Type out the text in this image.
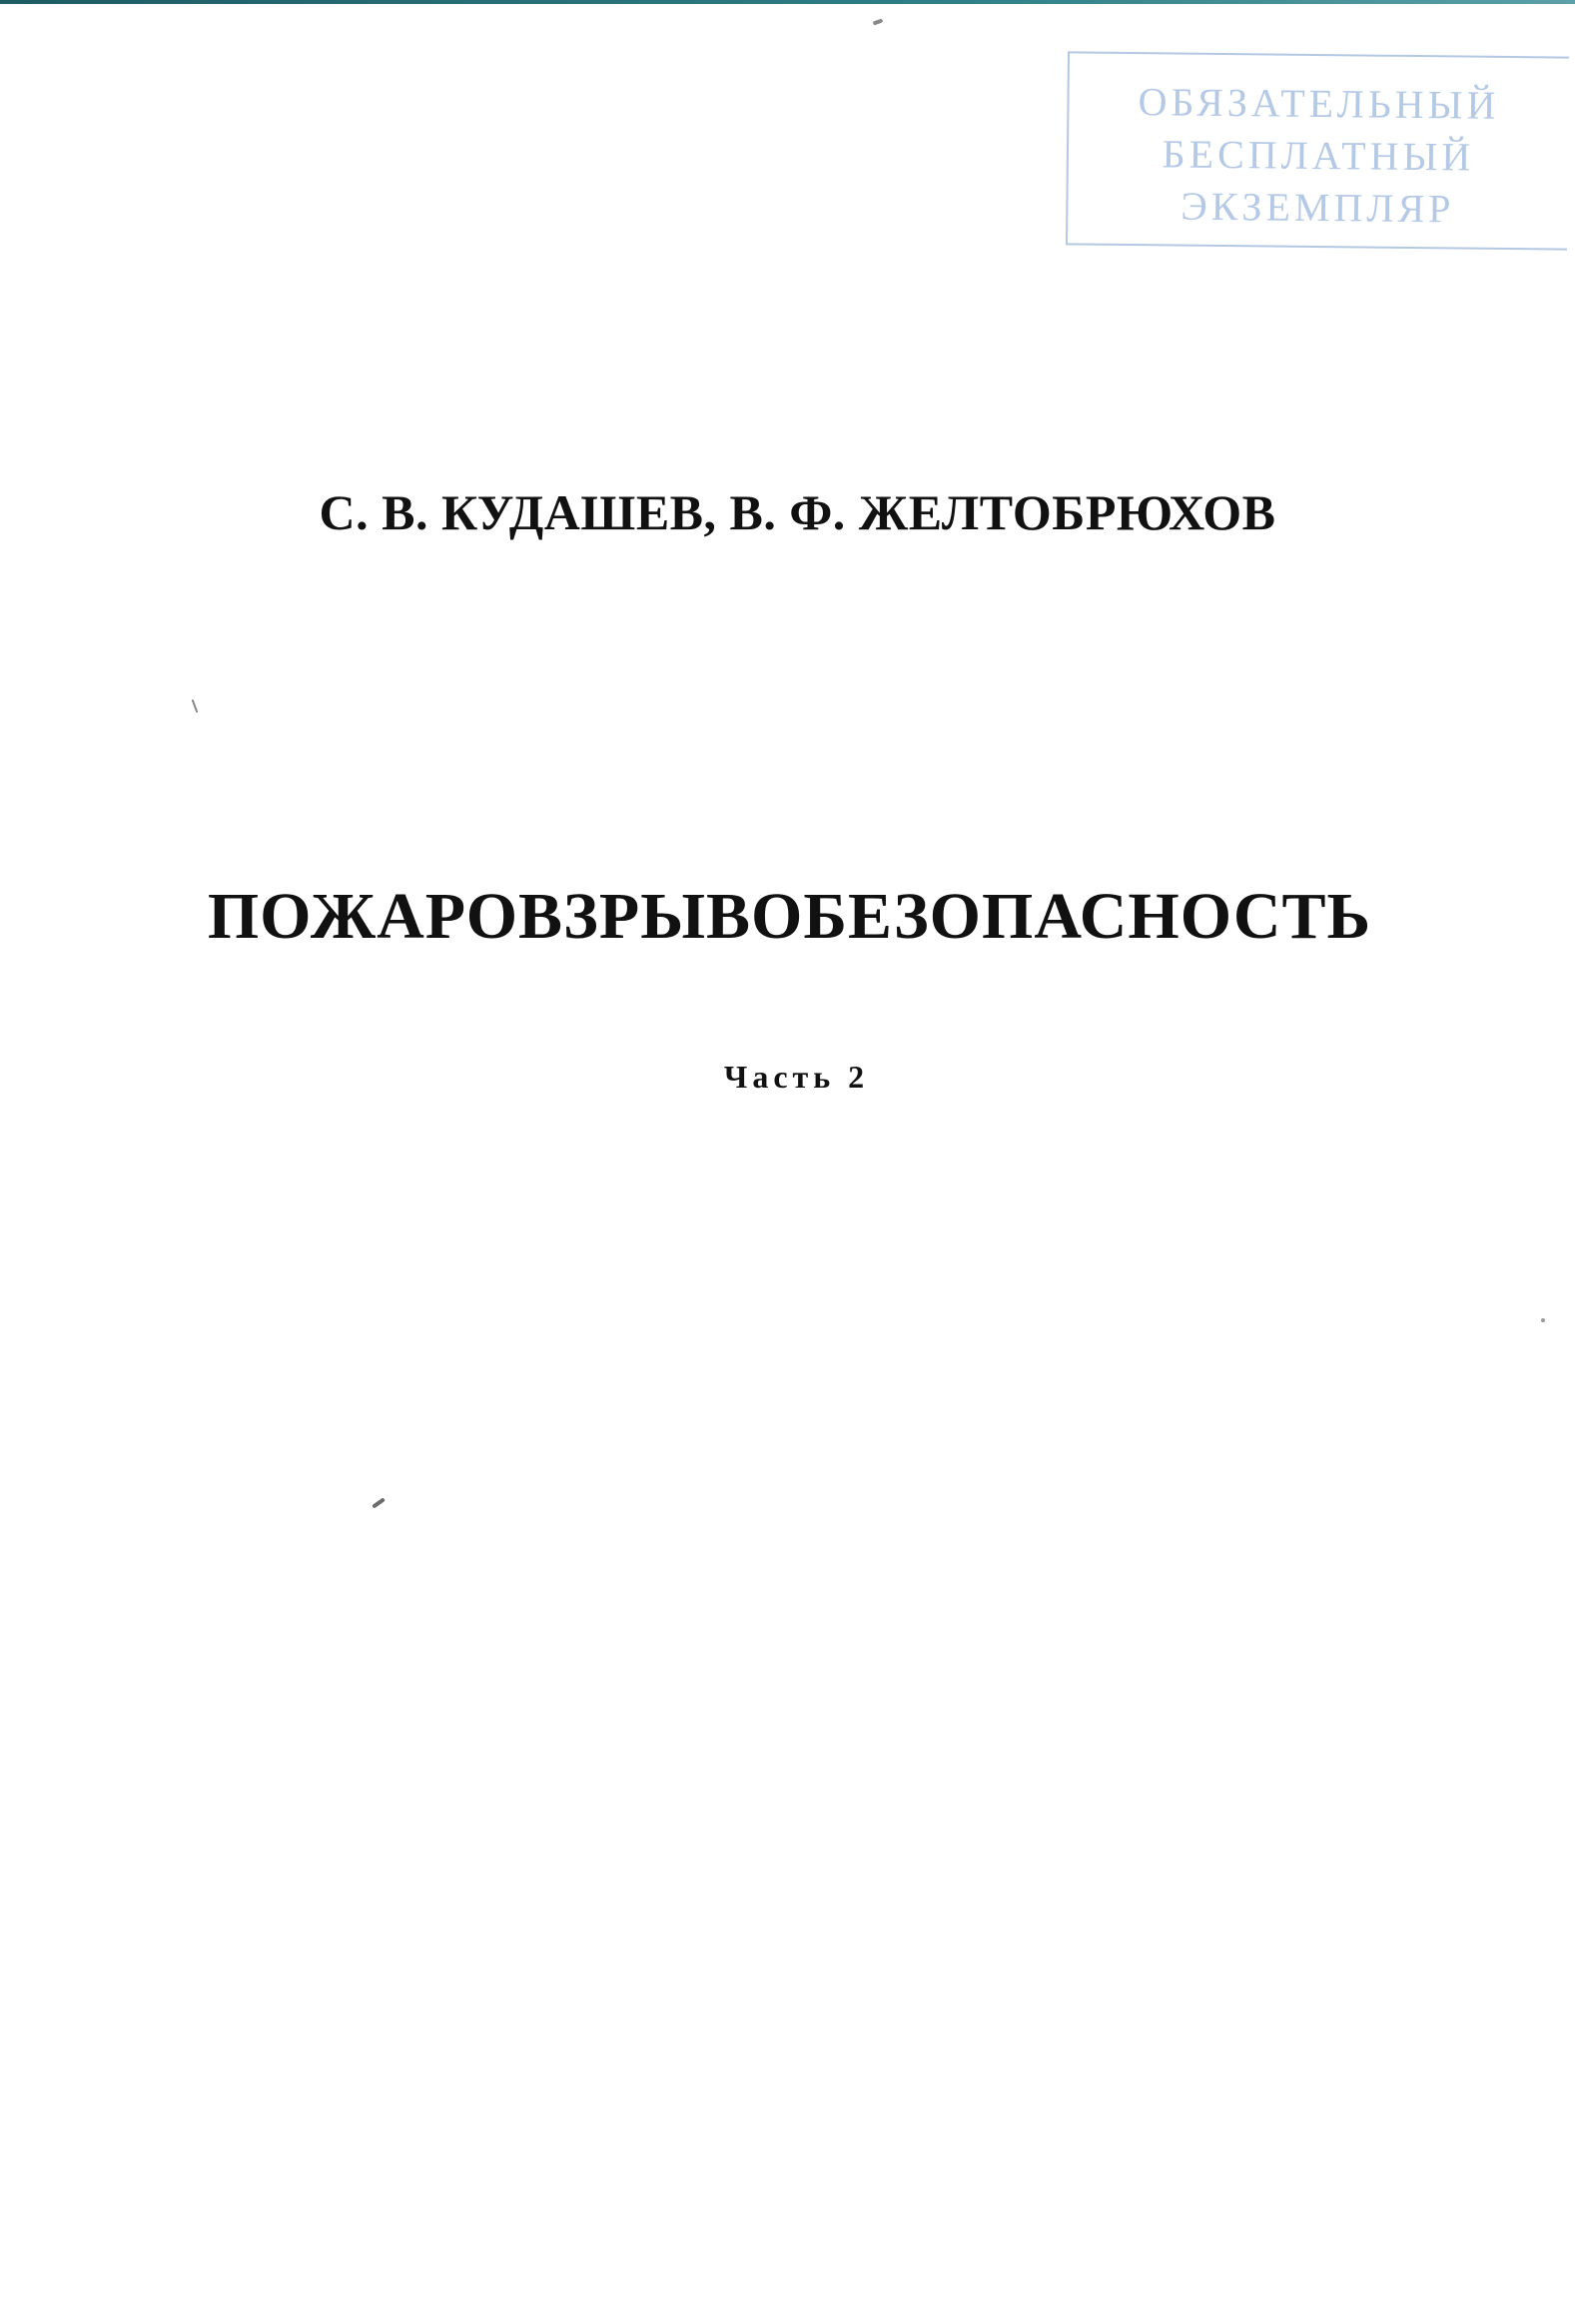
ОБЯЗАТЕЛЬНЫЙ
БЕСПЛАТНЫЙ
ЭКЗЕМПЛЯР
С. В. КУДАШЕВ, В. Ф. ЖЕЛТОБРЮХОВ
ПОЖАРОВЗРЫВОБЕЗОПАСНОСТЬ
Часть 2
